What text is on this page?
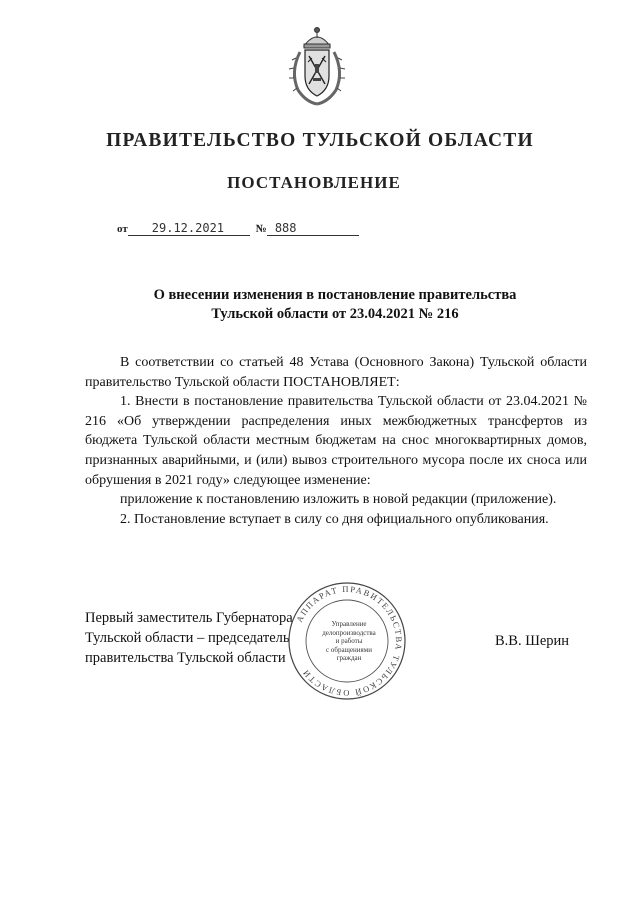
ПРАВИТЕЛЬСТВО ТУЛЬСКОЙ ОБЛАСТИ
ПОСТАНОВЛЕНИЕ
от 29.12.2021	№ 888
О внесении изменения в постановление правительства
Тульской области от 23.04.2021 № 216

В соответствии со статьей 48 Устава (Основного Закона) Тульской области правительство Тульской области ПОСТАНОВЛЯЕТ:

1. Внести в постановление правительства Тульской области от 23.04.2021 № 216 «Об утверждении распределения иных межбюджетных трансфертов из бюджета Тульской области местным бюджетам на снос многоквартирных домов, признанных аварийными, и (или) вывоз строительного мусора после их сноса или обрушения в 2021 году» следующее изменение:

приложение к постановлению изложить в новой редакции (приложение).

2. Постановление вступает в силу со дня официального опубликования.

Первый заместитель Губернатора
Тульской области – председатель
правительства Тульской области
В.В. Шерин
АППАРАТ ПРАВИТЕЛЬСТВА ТУЛЬСКОЙ ОБЛАСТИ
Управление
делопроизводства
и работы
с обращениями
граждан
